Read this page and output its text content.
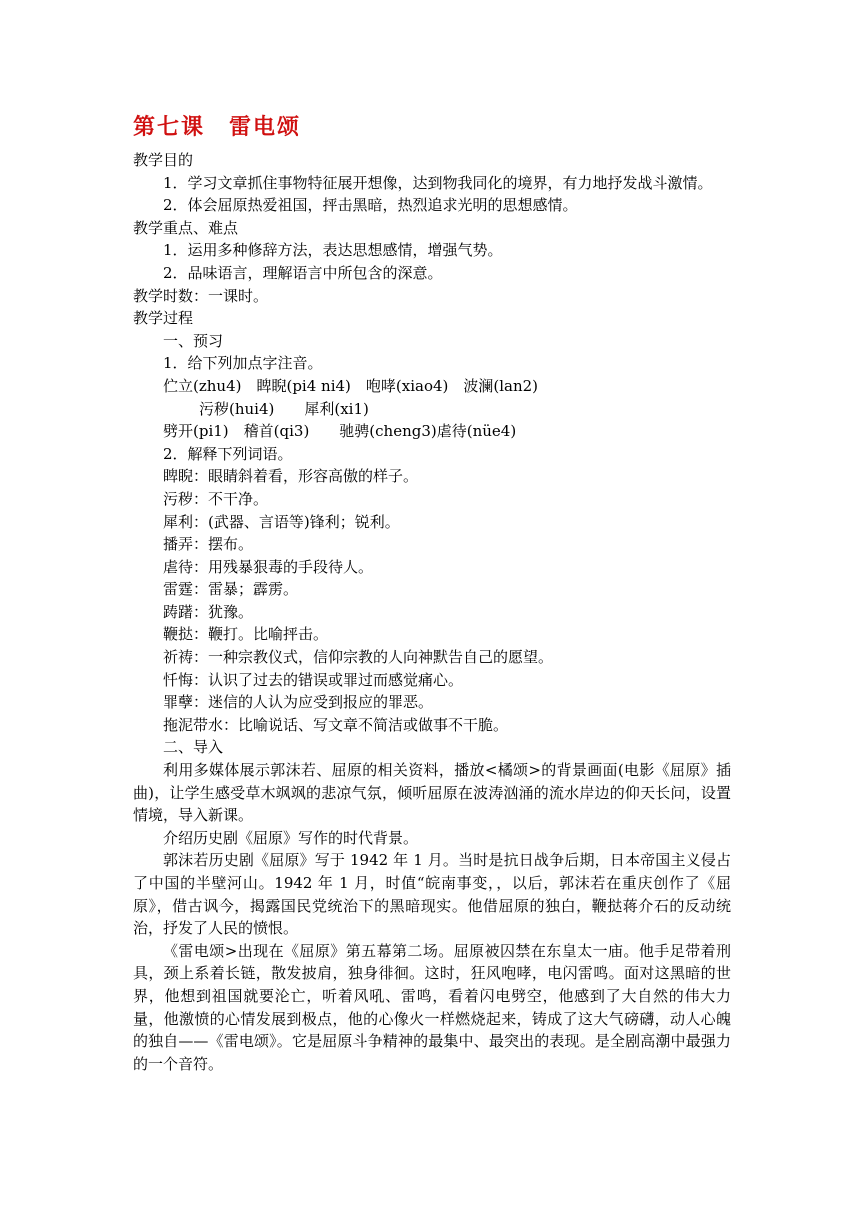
第七课　雷电颂

教学目的

1．学习文章抓住事物特征展开想像，达到物我同化的境界，有力地抒发战斗激情。

2．体会屈原热爱祖国，抨击黑暗，热烈追求光明的思想感情。

教学重点、难点

1．运用多种修辞方法，表达思想感情，增强气势。

2．品味语言，理解语言中所包含的深意。

教学时数：一课时。

教学过程

一、预习

1．给下列加点字注音。

伫立(zhu4)　睥睨(pi4 ni4)　咆哮(xiao4)　波澜(lan2)

污秽(hui4)　　犀利(xi1)

劈开(pi1)　稽首(qi3)　　驰骋(cheng3)虐待(nüe4)

2．解释下列词语。

睥睨：眼睛斜着看，形容高傲的样子。

污秽：不干净。

犀利：(武器、言语等)锋利；锐利。

播弄：摆布。

虐待：用残暴狠毒的手段待人。

雷霆：雷暴；霹雳。

踌躇：犹豫。

鞭挞：鞭打。比喻抨击。

祈祷：一种宗教仪式，信仰宗教的人向神默告自己的愿望。

忏悔：认识了过去的错误或罪过而感觉痛心。

罪孽：迷信的人认为应受到报应的罪恶。

拖泥带水：比喻说话、写文章不简洁或做事不干脆。

二、导入

利用多媒体展示郭沫若、屈原的相关资料，播放<橘颂>的背景画面(电影《屈原》插曲)，让学生感受草木飒飒的悲凉气氛，倾听屈原在波涛汹涌的流水岸边的仰天长问，设置情境，导入新课。

介绍历史剧《屈原》写作的时代背景。

郭沫若历史剧《屈原》写于 1942 年 1 月。当时是抗日战争后期，日本帝国主义侵占了中国的半壁河山。1942 年 1 月，时值“皖南事变，，以后，郭沫若在重庆创作了《屈原》，借古讽今，揭露国民党统治下的黑暗现实。他借屈原的独白，鞭挞蒋介石的反动统治，抒发了人民的愤恨。

《雷电颂>出现在《屈原》第五幕第二场。屈原被囚禁在东皇太一庙。他手足带着刑具，颈上系着长链，散发披肩，独身徘徊。这时，狂风咆哮，电闪雷鸣。面对这黑暗的世界，他想到祖国就要沦亡，听着风吼、雷鸣，看着闪电劈空，他感到了大自然的伟大力量，他激愤的心情发展到极点，他的心像火一样燃烧起来，铸成了这大气磅礴，动人心魄的独自——《雷电颂》。它是屈原斗争精神的最集中、最突出的表现。是全剧高潮中最强力的一个音符。
